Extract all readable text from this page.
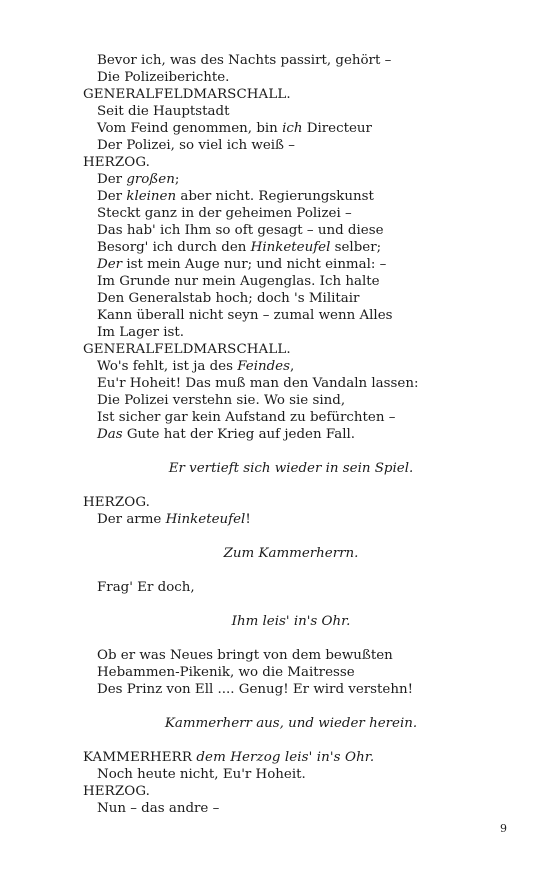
Bevor ich, was des Nachts passirt, gehört –
Die Polizeiberichte.
GENERALFELDMARSCHALL.
Seit die Hauptstadt
Vom Feind genommen, bin ich Directeur
Der Polizei, so viel ich weiß –
HERZOG.
Der großen;
Der kleinen aber nicht. Regierungskunst
Steckt ganz in der geheimen Polizei –
Das hab' ich Ihm so oft gesagt – und diese
Besorg' ich durch den Hinketeufel selber;
Der ist mein Auge nur; und nicht einmal: –
Im Grunde nur mein Augenglas. Ich halte
Den Generalstab hoch; doch 's Militair
Kann überall nicht seyn – zumal wenn Alles
Im Lager ist.
GENERALFELDMARSCHALL.
Wo's fehlt, ist ja des Feindes,
Eu'r Hoheit! Das muß man den Vandaln lassen:
Die Polizei verstehn sie. Wo sie sind,
Ist sicher gar kein Aufstand zu befürchten –
Das Gute hat der Krieg auf jeden Fall.
Er vertieft sich wieder in sein Spiel.
HERZOG.
Der arme Hinketeufel!
Zum Kammerherrn.
Frag' Er doch,
Ihm leis' in's Ohr.
Ob er was Neues bringt von dem bewußten
Hebammen-Pikenik, wo die Maitresse
Des Prinz von Ell .... Genug! Er wird verstehn!
Kammerherr aus, und wieder herein.
KAMMERHERR dem Herzog leis' in's Ohr.
Noch heute nicht, Eu'r Hoheit.
HERZOG.
Nun – das andre –
9
